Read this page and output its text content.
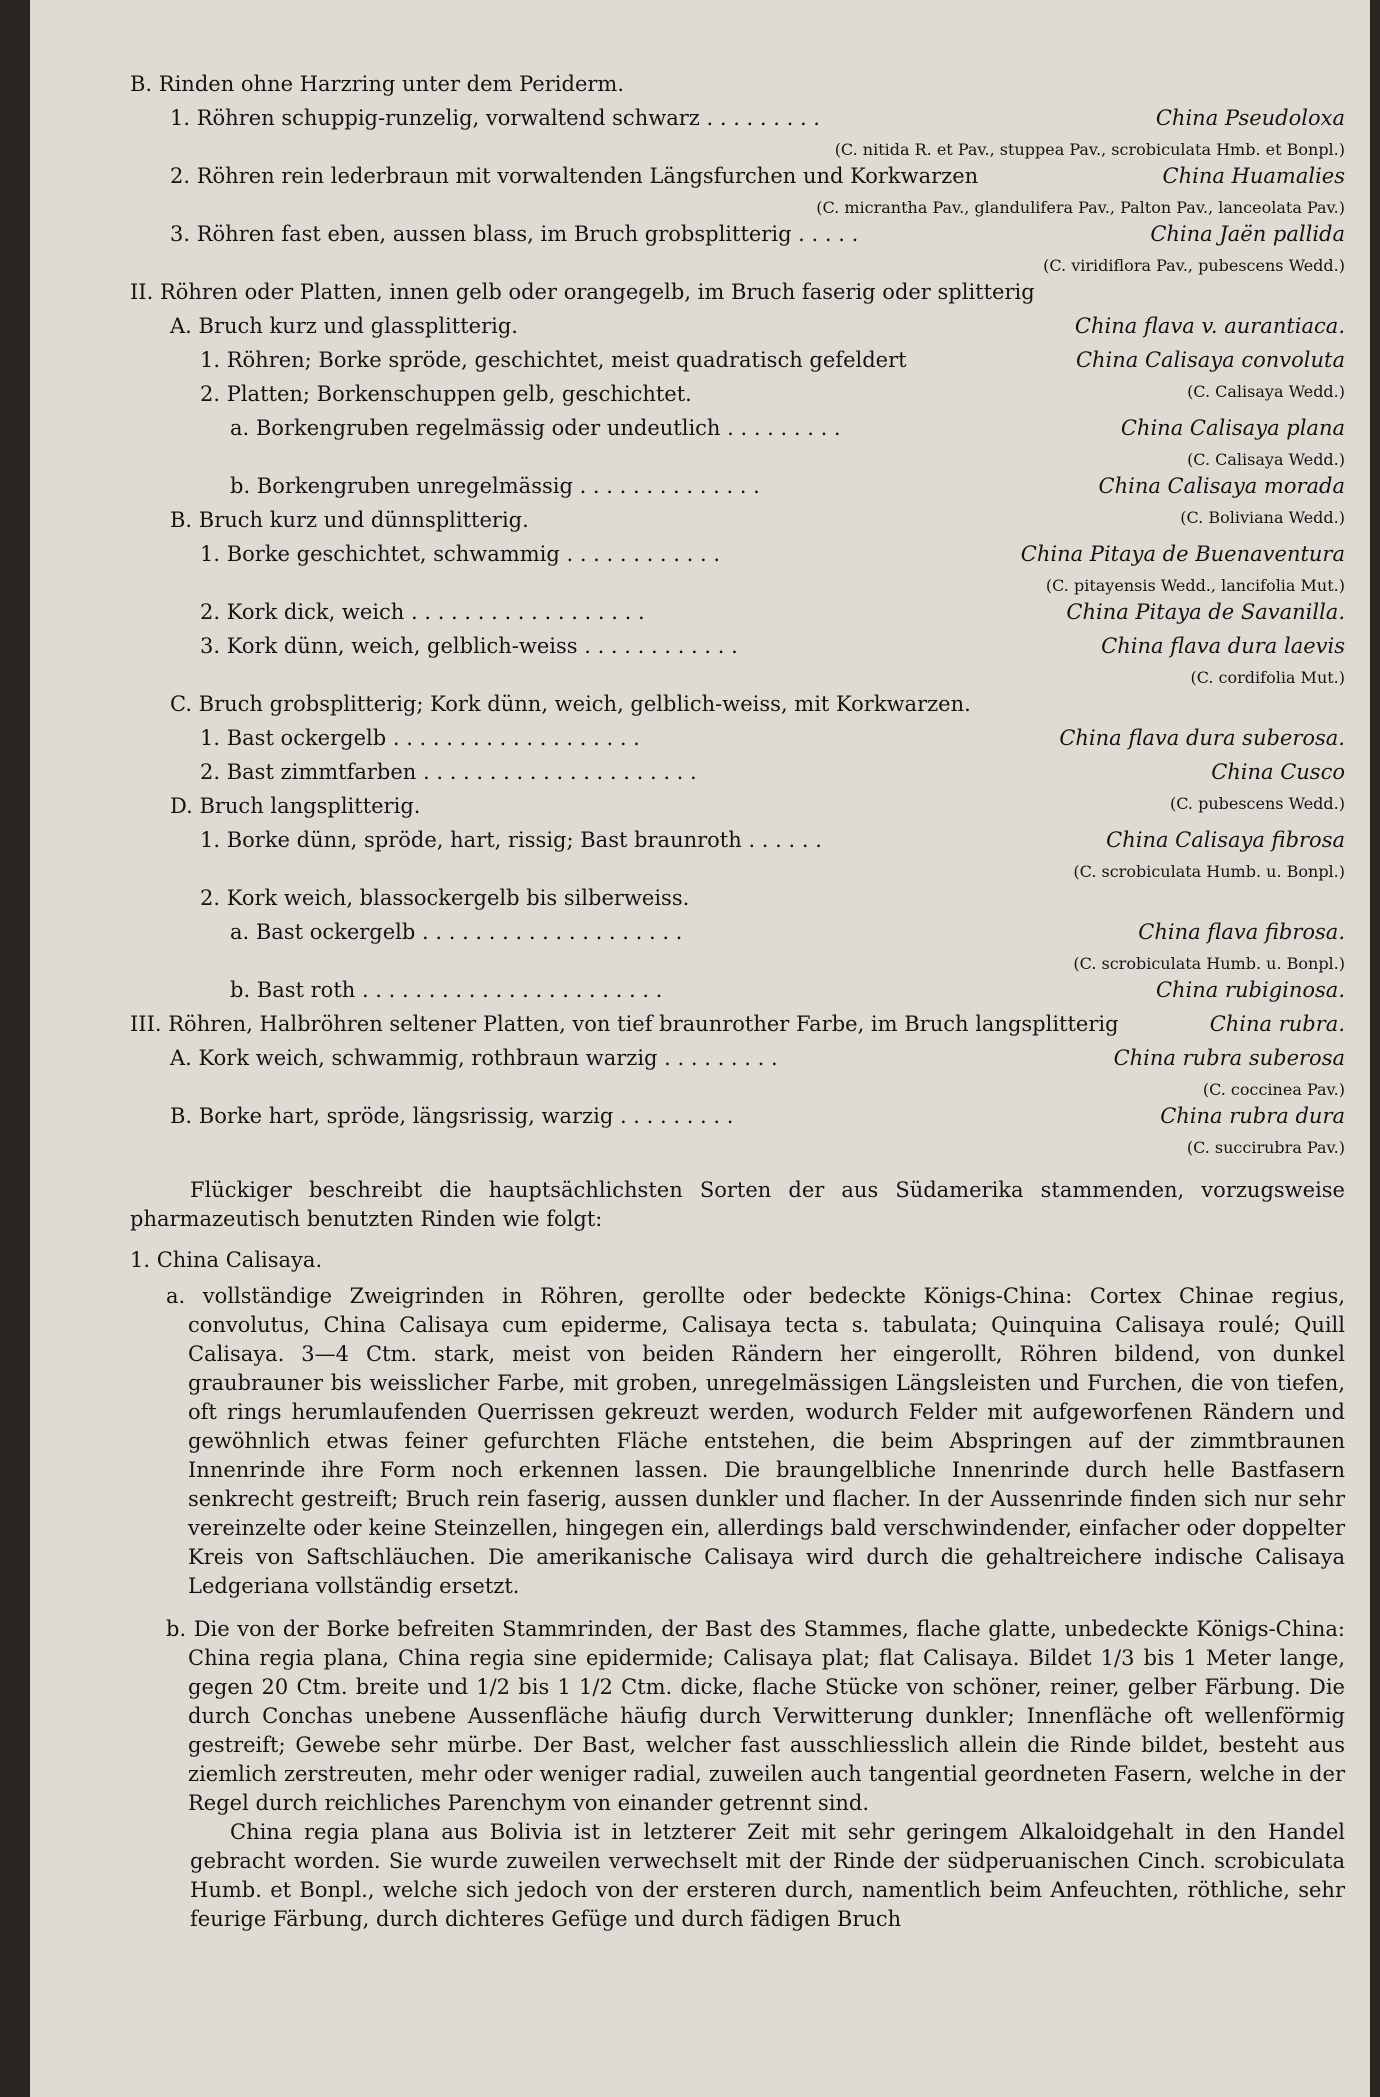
B. Rinden ohne Harzring unter dem Periderm.
1. Röhren schuppig-runzelig, vorwaltend schwarz . . . . . . . . .	China Pseudoloxa
(C. nitida R. et Pav., stuppea Pav., scrobiculata Hmb. et Bonpl.)
2. Röhren rein lederbraun mit vorwaltenden Längsfurchen und Korkwarzen	China Huamalies
(C. micrantha Pav., glandulifera Pav., Palton Pav., lanceolata Pav.)
3. Röhren fast eben, aussen blass, im Bruch grobsplitterig . . . . .	China Jaën pallida
(C. viridiflora Pav., pubescens Wedd.)
II. Röhren oder Platten, innen gelb oder orangegelb, im Bruch faserig oder splitterig
A. Bruch kurz und glassplitterig.	China flava v. aurantiaca.
1. Röhren; Borke spröde, geschichtet, meist quadratisch gefeldert	China Calisaya convoluta
2. Platten; Borkenschuppen gelb, geschichtet.	(C. Calisaya Wedd.)
a. Borkengruben regelmässig oder undeutlich . . . . . . . . .	China Calisaya plana
(C. Calisaya Wedd.)
b. Borkengruben unregelmässig . . . . . . . . . . . . . .	China Calisaya morada
B. Bruch kurz und dünnsplitterig.	(C. Boliviana Wedd.)
1. Borke geschichtet, schwammig . . . . . . . . . . . .	China Pitaya de Buenaventura
(C. pitayensis Wedd., lancifolia Mut.)
2. Kork dick, weich . . . . . . . . . . . . . . . . . .	China Pitaya de Savanilla.
3. Kork dünn, weich, gelblich-weiss . . . . . . . . . . . .	China flava dura laevis
(C. cordifolia Mut.)
C. Bruch grobsplitterig; Kork dünn, weich, gelblich-weiss, mit Korkwarzen.
1. Bast ockergelb . . . . . . . . . . . . . . . . . . .	China flava dura suberosa.
2. Bast zimmtfarben . . . . . . . . . . . . . . . . . . . . .	China Cusco
D. Bruch langsplitterig.	(C. pubescens Wedd.)
1. Borke dünn, spröde, hart, rissig; Bast braunroth . . . . . .	China Calisaya fibrosa
(C. scrobiculata Humb. u. Bonpl.)
2. Kork weich, blassockergelb bis silberweiss.
a. Bast ockergelb . . . . . . . . . . . . . . . . . . . .	China flava fibrosa.
(C. scrobiculata Humb. u. Bonpl.)
b. Bast roth . . . . . . . . . . . . . . . . . . . . . . .	China rubiginosa.
III. Röhren, Halbröhren seltener Platten, von tief braunrother Farbe, im Bruch langsplitterig	China rubra.
A. Kork weich, schwammig, rothbraun warzig . . . . . . . . .	China rubra suberosa
(C. coccinea Pav.)
B. Borke hart, spröde, längsrissig, warzig . . . . . . . . .	China rubra dura
(C. succirubra Pav.)

Flückiger beschreibt die hauptsächlichsten Sorten der aus Südamerika stammenden, vorzugsweise pharmazeutisch benutzten Rinden wie folgt:

1. China Calisaya.

a. vollständige Zweigrinden in Röhren, gerollte oder bedeckte Königs-China: Cortex Chinae regius, convolutus, China Calisaya cum epiderme, Calisaya tecta s. tabulata; Quinquina Calisaya roulé; Quill Calisaya. 3—4 Ctm. stark, meist von beiden Rändern her eingerollt, Röhren bildend, von dunkel graubrauner bis weisslicher Farbe, mit groben, unregelmässigen Längsleisten und Furchen, die von tiefen, oft rings herumlaufenden Querrissen gekreuzt werden, wodurch Felder mit aufgeworfenen Rändern und gewöhnlich etwas feiner gefurchten Fläche entstehen, die beim Abspringen auf der zimmtbraunen Innenrinde ihre Form noch erkennen lassen. Die braungelbliche Innenrinde durch helle Bastfasern senkrecht gestreift; Bruch rein faserig, aussen dunkler und flacher. In der Aussenrinde finden sich nur sehr vereinzelte oder keine Steinzellen, hingegen ein, allerdings bald verschwindender, einfacher oder doppelter Kreis von Saftschläuchen. Die amerikanische Calisaya wird durch die gehaltreichere indische Calisaya Ledgeriana vollständig ersetzt.

b. Die von der Borke befreiten Stammrinden, der Bast des Stammes, flache glatte, unbedeckte Königs-China: China regia plana, China regia sine epidermide; Calisaya plat; flat Calisaya. Bildet 1/3 bis 1 Meter lange, gegen 20 Ctm. breite und 1/2 bis 1 1/2 Ctm. dicke, flache Stücke von schöner, reiner, gelber Färbung. Die durch Conchas unebene Aussenfläche häufig durch Verwitterung dunkler; Innenfläche oft wellenförmig gestreift; Gewebe sehr mürbe. Der Bast, welcher fast ausschliesslich allein die Rinde bildet, besteht aus ziemlich zerstreuten, mehr oder weniger radial, zuweilen auch tangential geordneten Fasern, welche in der Regel durch reichliches Parenchym von einander getrennt sind.

China regia plana aus Bolivia ist in letzterer Zeit mit sehr geringem Alkaloidgehalt in den Handel gebracht worden. Sie wurde zuweilen verwechselt mit der Rinde der südperuanischen Cinch. scrobiculata Humb. et Bonpl., welche sich jedoch von der ersteren durch, namentlich beim Anfeuchten, röthliche, sehr feurige Färbung, durch dichteres Gefüge und durch fädigen Bruch
